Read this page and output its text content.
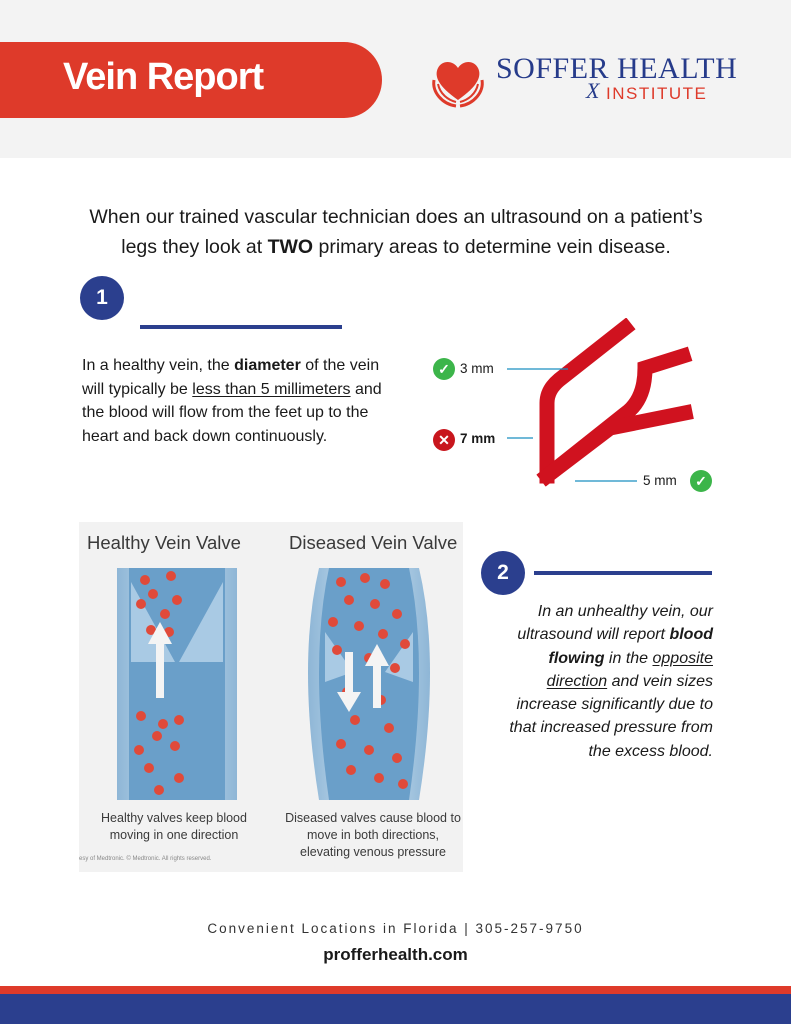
Vein Report	SOFFER HEALTH
X INSTITUTE
When our trained vascular technician does an ultrasound on a patient’s legs they look at TWO primary areas to determine vein disease.
1
In a healthy vein, the diameter of the vein will typically be less than 5 millimeters and the blood will flow from the feet up to the heart and back down continuously.
✓ 3 mm
✕ 7 mm
5 mm	✓
Healthy Vein Valve	Diseased Vein Valve
Healthy valves keep blood moving in one direction
Diseased valves cause blood to move in both directions, elevating venous pressure
esy of Medtronic. © Medtronic. All rights reserved.
2
In an unhealthy vein, our ultrasound will report blood flowing in the opposite direction and vein sizes increase significantly due to that increased pressure from the excess blood.
Convenient Locations in Florida | 305-257-9750
profferhealth.com
